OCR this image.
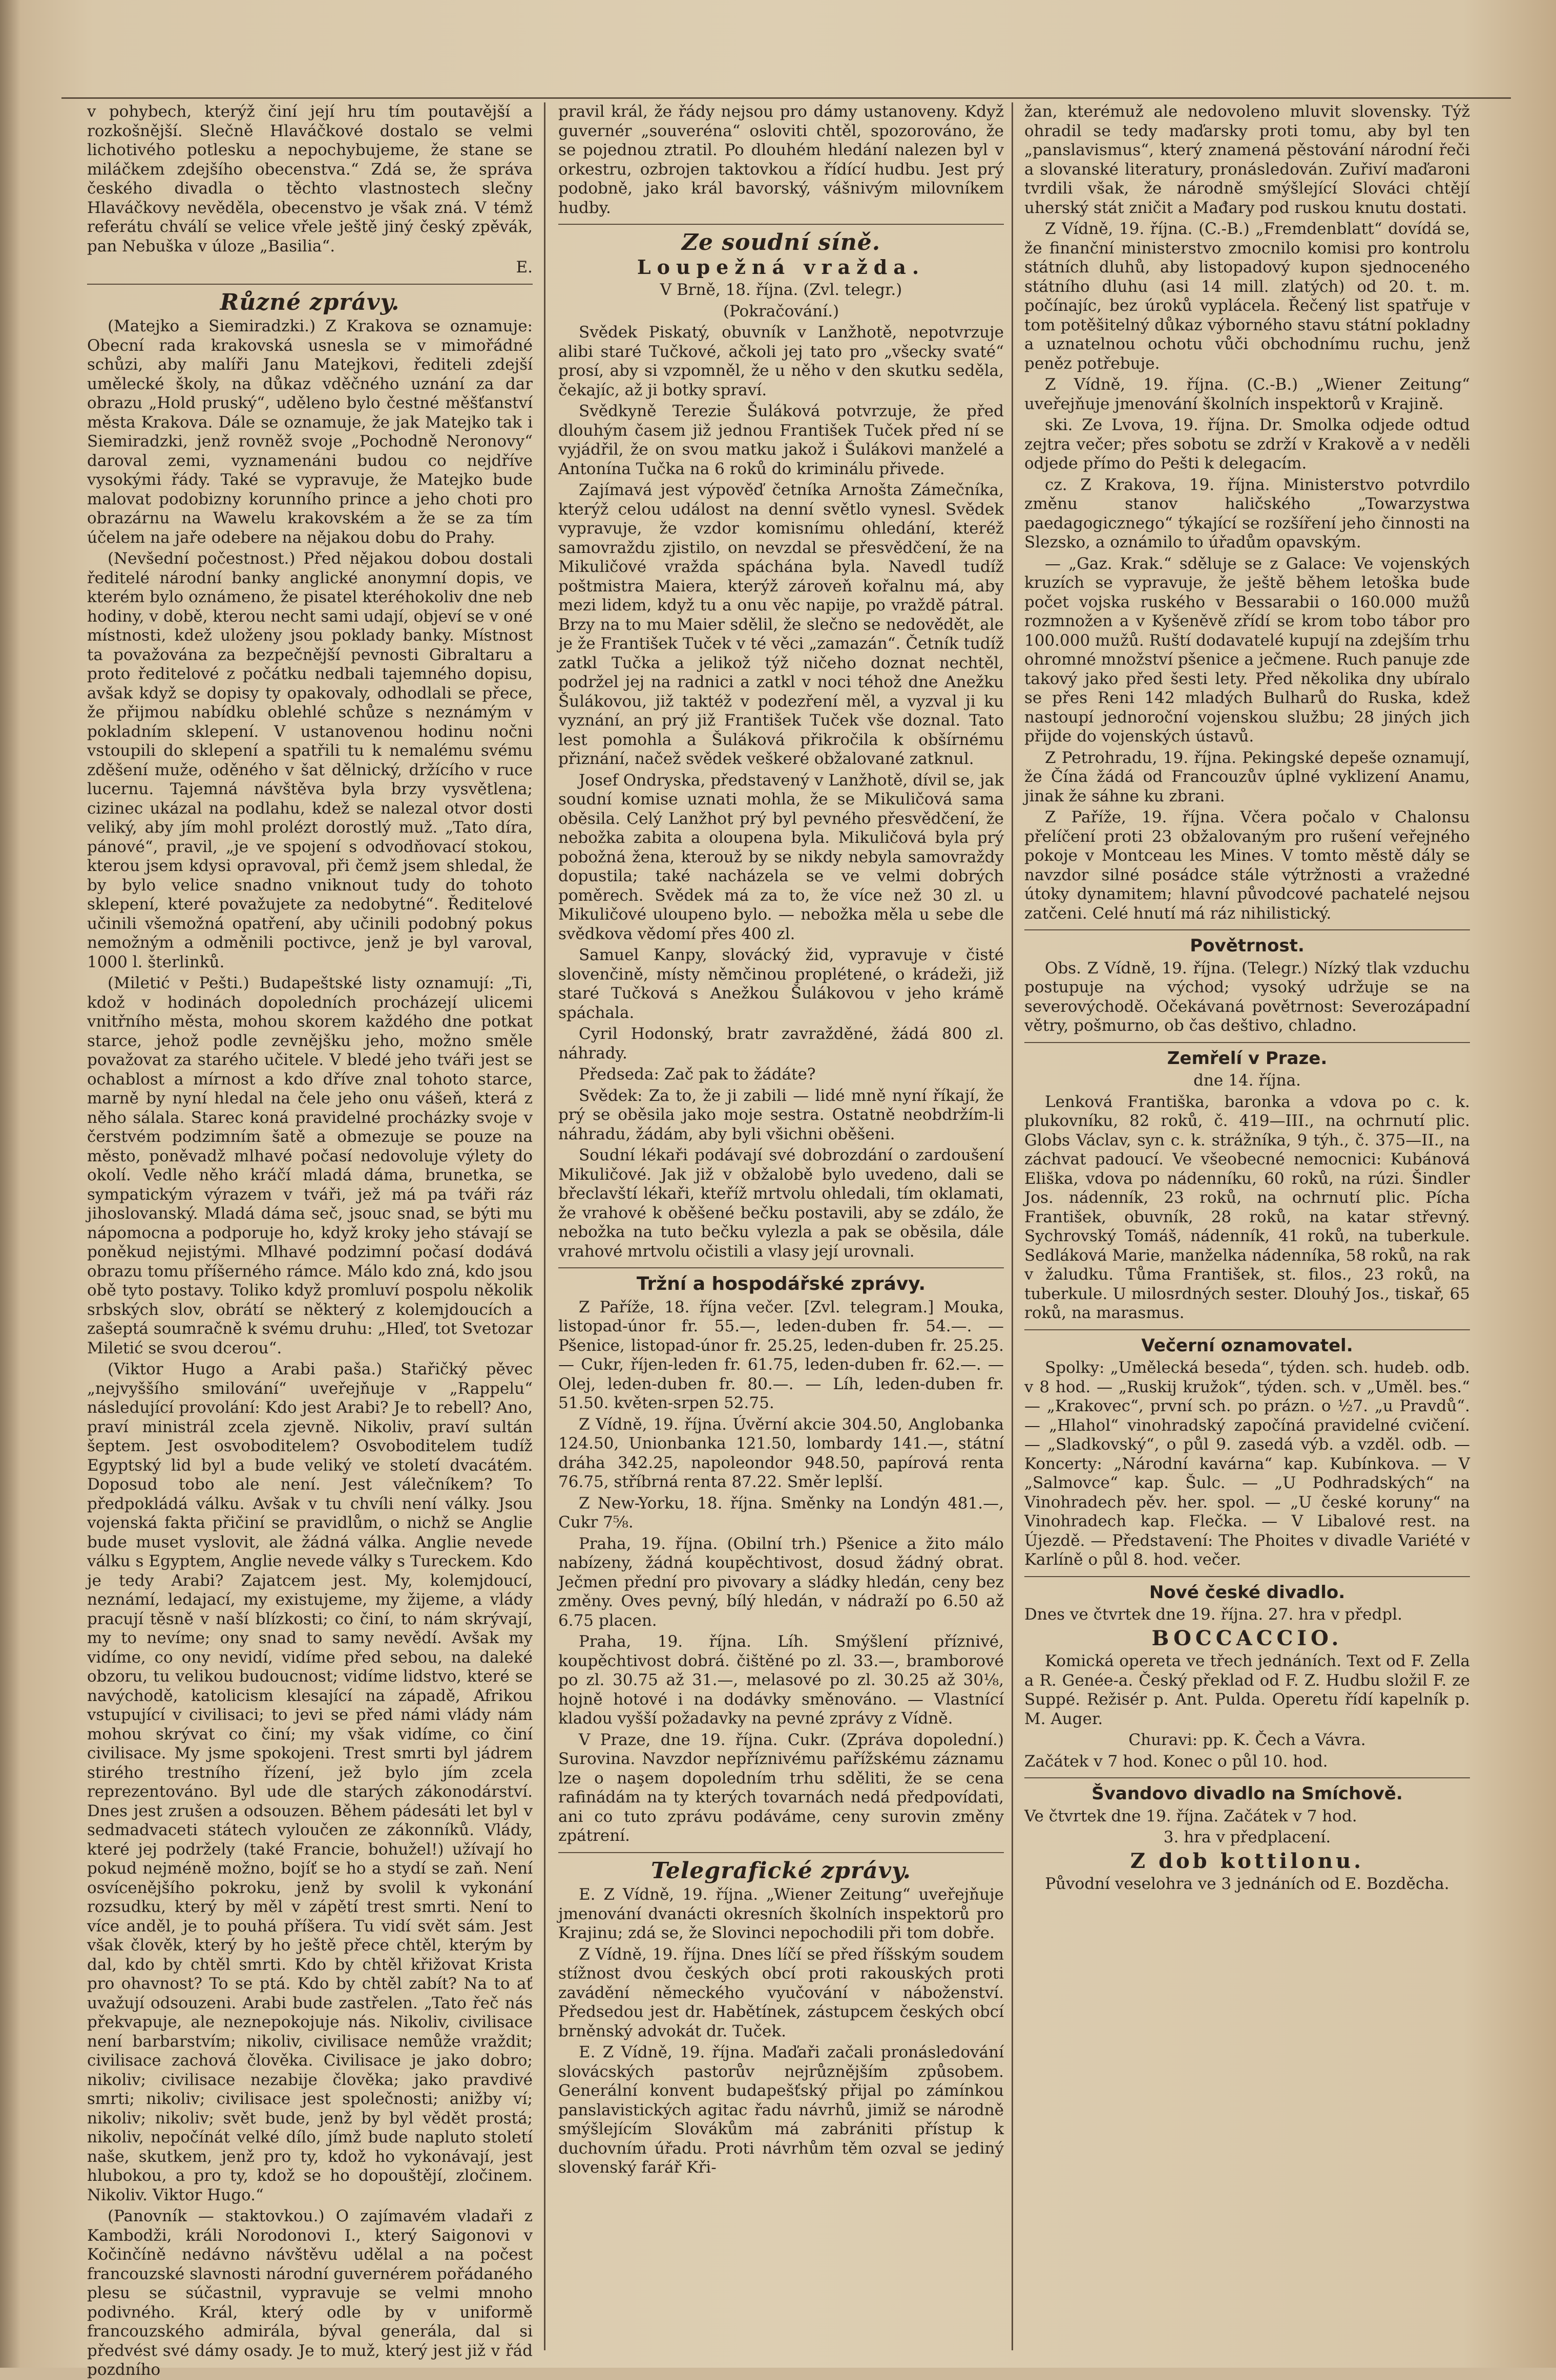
v pohybech, kterýž činí její hru tím poutavější a rozkošnější. Slečně Hlaváčkové dostalo se velmi lichotivého potlesku a nepochybujeme, že stane se miláčkem zdejšího obecenstva.“ Zdá se, že správa českého divadla o těchto vlastnostech slečny Hlaváčkovy nevěděla, obecenstvo je však zná. V témž referátu chválí se velice vřele ještě jiný český zpěvák, pan Nebuška v úloze „Basilia“.

E.

Různé zprávy.

(Matejko a Siemiradzki.) Z Krakova se oznamuje: Obecní rada krakovská usnesla se v mimořádné schůzi, aby malíři Janu Matejkovi, řediteli zdejší umělecké školy, na důkaz vděčného uznání za dar obrazu „Hold pruský“, uděleno bylo čestné měšťanství města Krakova. Dále se oznamuje, že jak Matejko tak i Siemiradzki, jenž rovněž svoje „Pochodně Neronovy“ daroval zemi, vyznamenáni budou co nejdříve vysokými řády. Také se vypravuje, že Matejko bude malovat podobizny korunního prince a jeho choti pro obrazárnu na Wawelu krakovském a že se za tím účelem na jaře odebere na nějakou dobu do Prahy.

(Nevšední počestnost.) Před nějakou dobou dostali ředitelé národní banky anglické anonymní dopis, ve kterém bylo oznámeno, že pisatel kteréhokoliv dne neb hodiny, v době, kterou necht sami udají, objeví se v oné místnosti, kdež uloženy jsou poklady banky. Místnost ta považována za bezpečnější pevnosti Gibraltaru a proto ředitelové z počátku nedbali tajemného dopisu, avšak když se dopisy ty opakovaly, odhodlali se přece, že přijmou nabídku oblehlé schůze s neznámým v pokladním sklepení. V ustanovenou hodinu nočni vstoupili do sklepení a spatřili tu k nemalému svému zděšení muže, oděného v šat dělnický, držícího v ruce lucernu. Tajemná návštěva byla brzy vysvětlena; cizinec ukázal na podlahu, kdež se nalezal otvor dosti veliký, aby jím mohl prolézt dorostlý muž. „Tato díra, pánové“, pravil, „je ve spojení s odvodňovací stokou, kterou jsem kdysi opravoval, při čemž jsem shledal, že by bylo velice snadno vniknout tudy do tohoto sklepení, které považujete za nedobytné“. Ředitelové učinili všemožná opatření, aby učinili podobný pokus nemožným a odměnili poctivce, jenž je byl varoval, 1000 l. šterlinků.

(Miletić v Pešti.) Budapeštské listy oznamují: „Ti, kdož v hodinách dopoledních procházejí ulicemi vnitřního města, mohou skorem každého dne potkat starce, jehož podle zevnějšku jeho, možno směle považovat za starého učitele. V bledé jeho tváři jest se ochablost a mírnost a kdo dříve znal tohoto starce, marně by nyní hledal na čele jeho onu vášeň, která z něho sálala. Starec koná pravidelné procházky svoje v čerstvém podzimním šatě a obmezuje se pouze na město, poněvadž mlhavé počasí nedovoluje výlety do okolí. Vedle něho kráčí mladá dáma, brunetka, se sympatickým výrazem v tváři, jež má pa tváři ráz jihoslovanský. Mladá dáma seč, jsouc snad, se býti mu nápomocna a podporuje ho, když kroky jeho stávají se poněkud nejistými. Mlhavé podzimní počasí dodává obrazu tomu příšerného rámce. Málo kdo zná, kdo jsou obě tyto postavy. Toliko když promluví pospolu několik srbských slov, obrátí se některý z kolemjdoucích a zašeptá soumračně k svému druhu: „Hleď, tot Svetozar Miletić se svou dcerou“.

(Viktor Hugo a Arabi paša.) Stařičký pěvec „nejvyššího smilování“ uveřejňuje v „Rappelu“ následující provolání: Kdo jest Arabi? Je to rebell? Ano, praví ministrál zcela zjevně. Nikoliv, praví sultán šeptem. Jest osvoboditelem? Osvoboditelem tudíž Egyptský lid byl a bude veliký ve století dvacátém. Doposud tobo ale není. Jest válečníkem? To předpokládá válku. Avšak v tu chvíli není války. Jsou vojenská fakta přičiní se pravidlům, o nichž se Anglie bude muset vyslovit, ale žádná válka. Anglie nevede válku s Egyptem, Anglie nevede války s Tureckem. Kdo je tedy Arabi? Zajatcem jest. My, kolemjdoucí, neznámí, ledajací, my existujeme, my žijeme, a vlády pracují těsně v naší blízkosti; co činí, to nám skrývají, my to nevíme; ony snad to samy nevědí. Avšak my vidíme, co ony nevidí, vidíme před sebou, na daleké obzoru, tu velikou budoucnost; vidíme lidstvo, které se navýchodě, katolicism klesající na západě, Afrikou vstupující v civilisaci; to jevi se před námi vlády nám mohou skrývat co činí; my však vidíme, co činí civilisace. My jsme spokojeni. Trest smrti byl jádrem stirého trestního řízení, jež bylo jím zcela reprezentováno. Byl ude dle starých zákonodárství. Dnes jest zrušen a odsouzen. Během pádesáti let byl v sedmadvaceti státech vyloučen ze zákonníků. Vlády, které jej podržely (také Francie, bohužel!) užívají ho pokud nejméně možno, bojíť se ho a stydí se zaň. Není osvícenějšího pokroku, jenž by svolil k vykonání rozsudku, který by měl v zápětí trest smrti. Není to více anděl, je to pouhá příšera. Tu vidí svět sám. Jest však člověk, který by ho ještě přece chtěl, kterým by dal, kdo by chtěl smrti. Kdo by chtěl křižovat Krista pro ohavnost? To se ptá. Kdo by chtěl zabít? Na to ať uvažují odsouzeni. Arabi bude zastřelen. „Tato řeč nás překvapuje, ale neznepokojuje nás. Nikoliv, civilisace není barbarstvím; nikoliv, civilisace nemůže vraždit; civilisace zachová člověka. Civilisace je jako dobro; nikoliv; civilisace nezabije člověka; jako pravdivé smrti; nikoliv; civilisace jest společnosti; anižby ví; nikoliv; nikoliv; svět bude, jenž by byl vědět prostá; nikoliv, nepočínát velké dílo, jímž bude napluto století naše, skutkem, jenž pro ty, kdož ho vykonávají, jest hlubokou, a pro ty, kdož se ho dopouštějí, zločinem. Nikoliv. Viktor Hugo.“

(Panovník — staktovkou.) O zajímavém vladaři z Kambodži, králi Norodonovi I., který Saigonovi v Kočinčíně nedávno návštěvu udělal a na počest francouzské slavnosti národní guvernérem pořádaného plesu se súčastnil, vypravuje se velmi mnoho podivného. Král, který odle by v uniformě francouzského admirála, býval generála, dal si předvést své dámy osady. Je to muž, který jest již v řád pozdního

pravil král, že řády nejsou pro dámy ustanoveny. Když guvernér „souveréna“ osloviti chtěl, spozorováno, že se pojednou ztratil. Po dlouhém hledání nalezen byl v orkestru, ozbrojen taktovkou a řídící hudbu. Jest prý podobně, jako král bavorský, vášnivým milovníkem hudby.

Ze soudní síně.
Loupežná vražda.

V Brně, 18. října. (Zvl. telegr.)

(Pokračování.)

Svědek Piskatý, obuvník v Lanžhotě, nepotvrzuje alibi staré Tučkové, ačkoli jej tato pro „všecky svaté“ prosí, aby si vzpomněl, že u něho v den skutku seděla, čekajíc, až ji botky spraví.

Svědkyně Terezie Šuláková potvrzuje, že před dlouhým časem již jednou František Tuček před ní se vyjádřil, že on svou matku jakož i Šulákovi manželé a Antonína Tučka na 6 roků do kriminálu přivede.

Zajímavá jest výpověď četníka Arnošta Zámečníka, kterýž celou událost na denní světlo vynesl. Svědek vypravuje, že vzdor komisnímu ohledání, kteréž samovraždu zjistilo, on nevzdal se přesvědčení, že na Mikuličové vražda spáchána byla. Navedl tudíž poštmistra Maiera, kterýž zároveň kořalnu má, aby mezi lidem, když tu a onu věc napije, po vraždě pátral. Brzy na to mu Maier sdělil, že slečno se nedovědět, ale je že František Tuček v té věci „zamazán“. Četník tudíž zatkl Tučka a jelikož týž ničeho doznat nechtěl, podržel jej na radnici a zatkl v noci téhož dne Anežku Šulákovou, již taktéž v podezření měl, a vyzval ji ku vyznání, an prý již František Tuček vše doznal. Tato lest pomohla a Šuláková přikročila k obšírnému přiznání, načež svědek veškeré obžalované zatknul.

Josef Ondryska, představený v Lanžhotě, dívil se, jak soudní komise uznati mohla, že se Mikuličová sama oběsila. Celý Lanžhot prý byl pevného přesvědčení, že nebožka zabita a oloupena byla. Mikuličová byla prý pobožná žena, kterouž by se nikdy nebyla samovraždy dopustila; také nacházela se ve velmi dobrých poměrech. Svědek má za to, že více než 30 zl. u Mikuličové uloupeno bylo. — nebožka měla u sebe dle svědkova vědomí přes 400 zl.

Samuel Kanpy, slovácký žid, vypravuje v čisté slovenčině, místy němčinou proplétené, o krádeži, již staré Tučková s Anežkou Šulákovou v jeho krámě spáchala.

Cyril Hodonský, bratr zavražděné, žádá 800 zl. náhrady.

Předseda: Zač pak to žádáte?

Svědek: Za to, že ji zabili — lidé mně nyní říkají, že prý se oběsila jako moje sestra. Ostatně neobdržím-li náhradu, žádám, aby byli všichni oběšeni.

Soudní lékaři podávají své dobrozdání o zardoušení Mikuličové. Jak již v obžalobě bylo uvedeno, dali se břeclavští lékaři, kteříž mrtvolu ohledali, tím oklamati, že vrahové k oběšené bečku postavili, aby se zdálo, že nebožka na tuto bečku vylezla a pak se oběsila, dále vrahové mrtvolu očistili a vlasy její urovnali.

Tržní a hospodářské zprávy.

Z Paříže, 18. října večer. [Zvl. telegram.] Mouka, listopad-únor fr. 55.—, leden-duben fr. 54.—. — Pšenice, listopad-únor fr. 25.25, leden-duben fr. 25.25. — Cukr, říjen-leden fr. 61.75, leden-duben fr. 62.—. — Olej, leden-duben fr. 80.—. — Líh, leden-duben fr. 51.50. květen-srpen 52.75.

Z Vídně, 19. října. Úvěrní akcie 304.50, Anglobanka 124.50, Unionbanka 121.50, lombardy 141.—, státní dráha 342.25, napoleondor 948.50, papírová renta 76.75, stříbrná renta 87.22. Směr leplší.

Z New-Yorku, 18. října. Směnky na Londýn 481.—, Cukr 7⅝.

Praha, 19. října. (Obilní trh.) Pšenice a žito málo nabízeny, žádná koupěchtivost, dosud žádný obrat. Ječmen přední pro pivovary a sládky hledán, ceny bez změny. Oves pevný, bílý hledán, v nádraží po 6.50 až 6.75 placen.

Praha, 19. října. Líh. Smýšlení příznivé, koupěchtivost dobrá. čištěné po zl. 33.—, bramborové po zl. 30.75 až 31.—, melasové po zl. 30.25 až 30⅛, hojně hotové i na dodávky směnováno. — Vlastnící kladou vyšší požadavky na pevné zprávy z Vídně.

V Praze, dne 19. října. Cukr. (Zpráva dopolední.) Surovina. Navzdor nepříznivému pařížskému záznamu lze o naşem dopoledním trhu sděliti, že se cena rafinádám na ty kterých tovarnách nedá předpovídati, ani co tuto zprávu podáváme, ceny surovin změny zpátrení.

Telegrafické zprávy.

E. Z Vídně, 19. října. „Wiener Zeitung“ uveřejňuje jmenování dvanácti okresních školních inspektorů pro Krajinu; zdá se, že Slovinci nepochodili při tom dobře.

Z Vídně, 19. října. Dnes líčí se před říšským soudem stížnost dvou českých obcí proti rakouských proti zavádění německého vyučování v náboženství. Předsedou jest dr. Habětínek, zástupcem českých obcí brněnský advokát dr. Tuček.

E. Z Vídně, 19. října. Maďaři začali pronásledování slovácských pastorův nejrůznějším způsobem. Generální konvent budapešťský přijal po zámínkou panslavistických agitac řadu návrhů, jimiž se národně smýšlejícím Slovákům má zabrániti přístup k duchovním úřadu. Proti návrhům těm ozval se jediný slovenský farář Kři-

žan, kterémuž ale nedovoleno mluvit slovensky. Týž ohradil se tedy maďarsky proti tomu, aby byl ten „panslavismus“, který znamená pěstování národní řeči a slovanské literatury, pronásledován. Zuřiví maďaroni tvrdili však, že národně smýšlející Slováci chtějí uherský stát zničit a Mađary pod ruskou knutu dostati.

Z Vídně, 19. října. (C.-B.) „Fremdenblatt“ dovídá se, že finanční ministerstvo zmocnilo komisi pro kontrolu státních dluhů, aby listopadový kupon sjednoceného státního dluhu (asi 14 mill. zlatých) od 20. t. m. počínajíc, bez úroků vyplácela. Řečený list spatřuje v tom potěšitelný důkaz výborného stavu státní pokladny a uznatelnou ochotu vůči obchodnímu ruchu, jenž peněz potřebuje.

Z Vídně, 19. října. (C.-B.) „Wiener Zeitung“ uveřejňuje jmenování školních inspektorů v Krajině.

ski. Ze Lvova, 19. října. Dr. Smolka odjede odtud zejtra večer; přes sobotu se zdrží v Krakově a v neděli odjede přímo do Pešti k delegacím.

cz. Z Krakova, 19. října. Ministerstvo potvrdilo změnu stanov haličského „Towarzystwa paedagogicznego“ týkající se rozšíření jeho činnosti na Slezsko, a oznámilo to úřadům opavským.

— „Gaz. Krak.“ sděluje se z Galace: Ve vojenských kruzích se vypravuje, že ještě během letoška bude počet vojska ruského v Bessarabii o 160.000 mužů rozmnožen a v Kyšeněvě zřídí se krom tobo tábor pro 100.000 mužů. Ruští dodavatelé kupují na zdejším trhu ohromné množství pšenice a ječmene. Ruch panuje zde takový jako před šesti lety. Před několika dny ubíralo se přes Reni 142 mladých Bulharů do Ruska, kdež nastoupí jednoroční vojenskou službu; 28 jiných jich přijde do vojenských ústavů.

Z Petrohradu, 19. října. Pekingské depeše oznamují, že Čína žádá od Francouzův úplné vyklizení Anamu, jinak že sáhne ku zbrani.

Z Paříže, 19. října. Včera počalo v Chalonsu přelíčení proti 23 obžalovaným pro rušení veřejného pokoje v Montceau les Mines. V tomto městě dály se navzdor silné posádce stále výtržnosti a vražedné útoky dynamitem; hlavní původcové pachatelé nejsou zatčeni. Celé hnutí má ráz nihilistický.

Povětrnost.

Obs. Z Vídně, 19. října. (Telegr.) Nízký tlak vzduchu postupuje na východ; vysoký udržuje se na severovýchodě. Očekávaná povětrnost: Severozápadní větry, pošmurno, ob čas deštivo, chladno.

Zemřelí v Praze.

dne 14. října.

Lenková Františka, baronka a vdova po c. k. plukovníku, 82 roků, č. 419—III., na ochrnutí plic. Globs Václav, syn c. k. strážníka, 9 týh., č. 375—II., na záchvat padoucí. Ve všeobecné nemocnici: Kubánová Eliška, vdova po nádenníku, 60 roků, na rúzi. Šindler Jos. nádenník, 23 roků, na ochrnutí plic. Pícha František, obuvník, 28 roků, na katar střevný. Sychrovský Tomáš, nádenník, 41 roků, na tuberkule. Sedláková Marie, manželka nádenníka, 58 roků, na rak v žaludku. Tůma František, st. filos., 23 roků, na tuberkule. U milosrdných sester. Dlouhý Jos., tiskař, 65 roků, na marasmus.

Večerní oznamovatel.

Spolky: „Umělecká beseda“, týden. sch. hudeb. odb. v 8 hod. — „Ruskij kružok“, týden. sch. v „Uměl. bes.“ — „Krakovec“, první sch. po prázn. o ½7. „u Pravdů“. — „Hlahol“ vinohradský započíná pravidelné cvičení. — „Sladkovský“, o půl 9. zasedá výb. a vzděl. odb. — Koncerty: „Národní kavárna“ kap. Kubínkova. — V „Salmovce“ kap. Šulc. — „U Podhradských“ na Vinohradech pěv. her. spol. — „U české koruny“ na Vinohradech kap. Flečka. — V Libalové rest. na Újezdě. — Představení: The Phoites v divadle Variété v Karlíně o půl 8. hod. večer.

Nové české divadlo.

Dnes ve čtvrtek dne 19. října. 27. hra v předpl.

BOCCACCIO.

Komická opereta ve třech jednáních. Text od F. Zella a R. Genée-a. Český překlad od F. Z. Hudbu složil F. ze Suppé. Režisér p. Ant. Pulda. Operetu řídí kapelník p. M. Auger.

Churavi: pp. K. Čech a Vávra.

Začátek v 7 hod. Konec o půl 10. hod.

Švandovo divadlo na Smíchově.

Ve čtvrtek dne 19. října. Začátek v 7 hod.

3. hra v předplacení.

Z dob kottilonu.

Původní veselohra ve 3 jednáních od E. Bozděcha.
